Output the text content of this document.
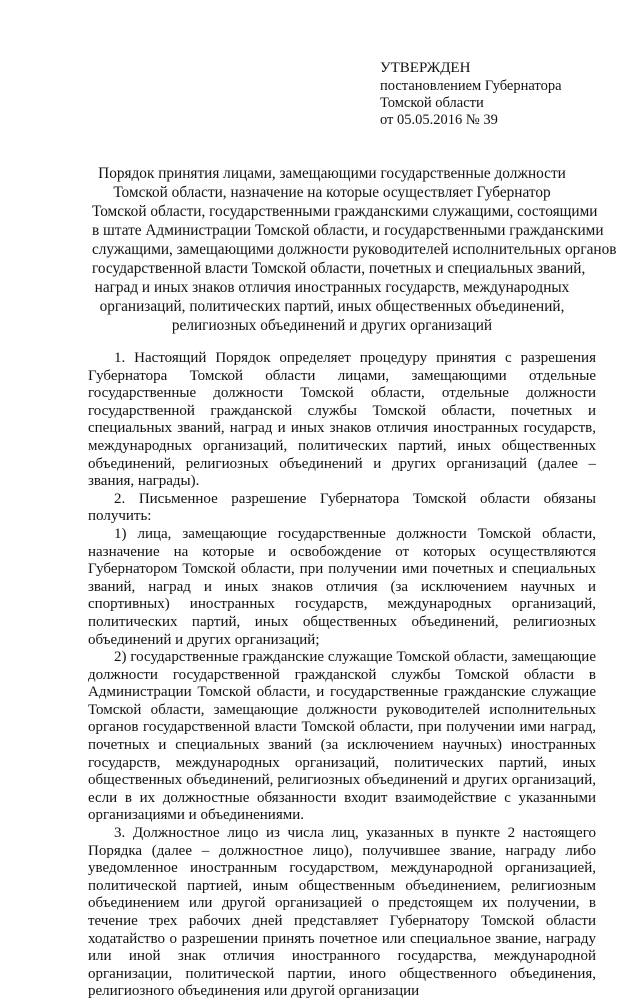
УТВЕРЖДЕН
постановлением Губернатора
Томской области
от 05.05.2016 № 39
Порядок принятия лицами, замещающими государственные должности
Томской области, назначение на которые осуществляет Губернатор
Томской области, государственными гражданскими служащими, состоящими
в штате Администрации Томской области, и государственными гражданскими
служащими, замещающими должности руководителей исполнительных органов
государственной власти Томской области, почетных и специальных званий,
наград и иных знаков отличия иностранных государств, международных
организаций, политических партий, иных общественных объединений,
религиозных объединений и других организаций

1. Настоящий Порядок определяет процедуру принятия с разрешения Губернатора Томской области лицами, замещающими отдельные государственные должности Томской области, отдельные должности государственной гражданской службы Томской области, почетных и специальных званий, наград и иных знаков отличия иностранных государств, международных организаций, политических партий, иных общественных объединений, религиозных объединений и других организаций (далее – звания, награды).

2. Письменное разрешение Губернатора Томской области обязаны получить:

1) лица, замещающие государственные должности Томской области, назначение на которые и освобождение от которых осуществляются Губернатором Томской области, при получении ими почетных и специальных званий, наград и иных знаков отличия (за исключением научных и спортивных) иностранных государств, международных организаций, политических партий, иных общественных объединений, религиозных объединений и других организаций;

2) государственные гражданские служащие Томской области, замещающие должности государственной гражданской службы Томской области в Администрации Томской области, и государственные гражданские служащие Томской области, замещающие должности руководителей исполнительных органов государственной власти Томской области, при получении ими наград, почетных и специальных званий (за исключением научных) иностранных государств, международных организаций, политических партий, иных общественных объединений, религиозных объединений и других организаций, если в их должностные обязанности входит взаимодействие с указанными организациями и объединениями.

3. Должностное лицо из числа лиц, указанных в пункте 2 настоящего Порядка (далее – должностное лицо), получившее звание, награду либо уведомленное иностранным государством, международной организацией, политической партией, иным общественным объединением, религиозным объединением или другой организацией о предстоящем их получении, в течение трех рабочих дней представляет Губернатору Томской области ходатайство о разрешении принять почетное или специальное звание, награду или иной знак отличия иностранного государства, международной организации, политической партии, иного общественного объединения, религиозного объединения или другой организации
